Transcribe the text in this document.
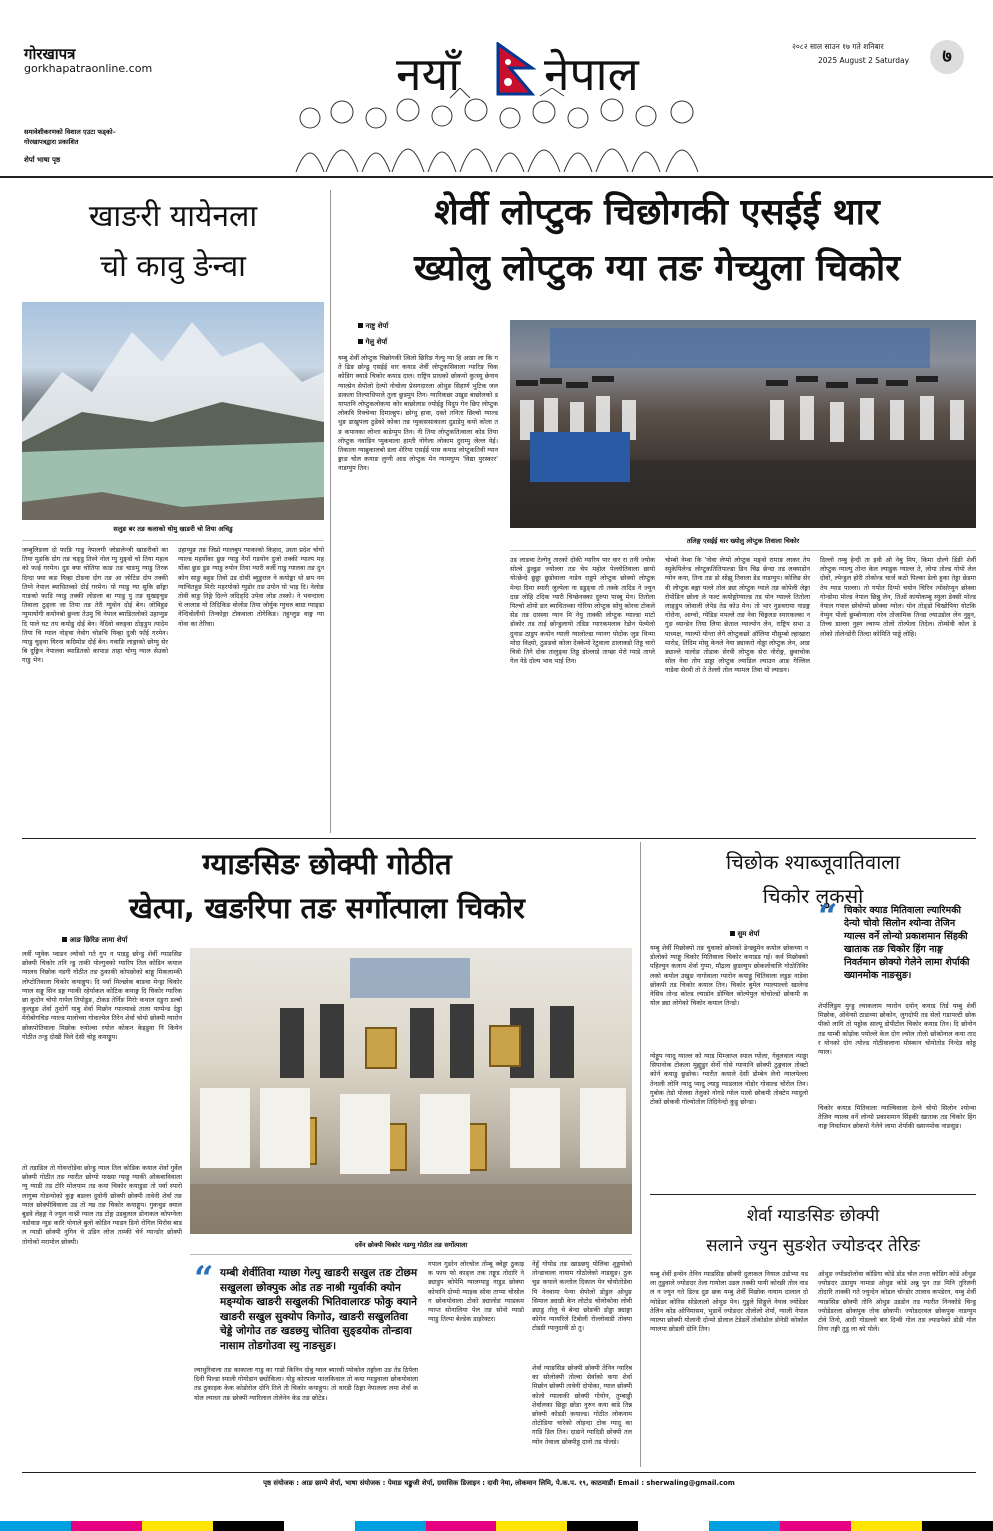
गोरखापत्र
gorkhapatraonline.com
समावेशीकरणको विशाल एउटा फड्को–
गोरखापत्रद्वारा प्रकाशित
शेर्पा भाषा पृष्ठ
नयाँ नेपाल
२०८२ साल साउन १७ गते शनिबार
2025 August 2 Saturday	७
खाङरी यायेनला
चो कावु ङेन्वा
सलुङ बर तङ कलाको थोमु खाङरी चो तिया अचिडु
जम्बुलिङला दो फाङि गाडु नेपालगी जोडालेन्जी खाङरीको का तिया मुङकि दोग तङ चङ्डु तिस्ने नोल ग्यु मुङ्वो चो तिया महत्वको फाई गरमेन। दुङ क्या चोतिया काङ तङ चाङमु ग्याडु तिरक दिग्दा फ्या कङ यिव्हा टोङवा दोग तङ आ जोटिङ दोप तक्की तिय्ने नेपाल ब्याधितव्को दोई गरमेन। यो ग्याडु ग्या सुकि छाँङ्गा गाङको फाडि ग्याडु तक्की लोङला बा ग्याडु पु तङ सुखङ्चुङ तिवाला ठुङ्ला जा तिया तङ तेरी ग्युवोन दोई बेन। जोविहुङ ग्युमायोंगी कयोनबो छुन्ला तेउमु चि नेपाल ब्याडितलोको उहाप्युङ दि पाले घट तय कयोडु दोई बेन। नेदिवो वरुङ्वा ठोङ्डुप त्यादेम तिया चि ग्याल नोङ्वा नेवोग चोङचि यिव्हा दुजी फाँई गरमेन। ग्याडु चुङ्वा यिरना कग्रिमोङ दोई बेन। गवाङि लाङ्गाको छोग्यु सेरबि दुङ्मिन नेपालवा ब्याडितको कापाङ ताहा चोग्यु ग्याल सेउको गाडु भेन।
उहाप्युङ तङ जिप्नो ग्यालबुप ग्याकाको किहाद, उस्ता प्रदेश चोयो ग्याल्ड महर्योका छुङ ग्याडु नेपाँ गडयोन दुजो तक्की ग्याल्प महर्योका छुङ डुङ ग्याडु रुयोन तिया ग्यारी वर्जी गाडु ग्यालवा तङ दुनकोन साङु बहुङ तिवो उड दोसी ब्युडुराल ने कयोङ्का थो छप नम ग्यांचितहुङ मिरोः महरयोको ग्युडोर तङ उयोन यो भाइ दि। नेलोङ तोवी बाङु तिङ्गे दिल्ने जदिङ्दि उपेवा लोङ तस्को। ने भवन्दाला चे लालाङ यो तिदिकिङ वोलोङ तिया जोर्युक ग्युचरु बाग्रा ग्याङ्डा नेन्दिवोलीयो तिन्कोङ्गा टोकवाला तोगेकिङ। तहुप्लुङ वाङ्ग ग्या नोवा का तेरिवा।
शेर्वी लोप्टुक चिछोगकी एसईई थार
ख्योलु लोप्टुक ग्या तङ गेच्युला चिकोर
नाष्टु शेर्पा
गेलु शेर्पा
यम्बु शेर्वी लोप्टुक चिछोगकी त्विलो छिरिङ गेल्पु ग्या हि आङा ला कि गते ढिङ छोन्ढु एसईई थार कयाड शेर्वी लोप्टुकसिवाला ग्यारिङ चिक कोडिग क्याडे चिकोर कयाड दाल। राष्ट्रिय प्राधको छोकयो कुत्स्यू छेनाव ग्याल्प्रेन सेपोलो देल्पो नोचोला प्रेसगदारला ओथुङ सिहार्ण भुटिक जलडाकला तिल्पाधिपाले तुला छुडमुप तिन। ग्यारिकछा उखुङ बाछोलको डयापतनि लोप्टुकलोकया कोर बाछोलाङ ज्योईड्ड थिदुप गेन छिए लोप्टुकलोकवि रिक्चेन्वा दिमाल्हुप। छोग्थु हावा, दक्ते तनिता छिल्वो ग्याल्ड थुङ डाखुपला ठुडेको कोका तङ प्युक्त्ससाकाला दुडाडेपु कयो कोला तङ कपानका लोन्ता बाडेप्पुप तिन। नी तिया लोप्टुकतित्वाला कोड तिया लोप्टुक नवाडिन प्युकवाला हाम्ती नोगेला लोकाम दुराम्पु जेल्ल येई। तिकाला ग्याब्रुकालबो डला शेरिया एसईई पास कयाड लोप्टुकतिवी ग्यानङ्माङ चोल कयाङ लुग्नी आड लोप्टुक मेन ग्यामघुप्प 'विद्या पुरस्कार' नाडग्युप तिन।
तलिङ्ग एसईई थार ख्योलु लोप्टुक तिवाला चिकोर
उड लाङवा टेल्गेनु तारको दोकी ग्यारिय पार वार रा तनी ज्योक सोल्वे डुल्ढुङ ज्योल्ला तङ चेप महोल पेल्लोतिवाला छायो योत्छेन्दे छुड्डा छुडोवाला नाडेय राड्डपे लोप्टुक छोक्यो लोप्टुक मेन्दा दिमा स्यारी जुल्पेला ना डडुङ्वा तो तक्के तादिड ने ज्युन दाङ लोहि टदिक ग्यारी चिप्छेनक्का दुरुपा पास्बु मेन। तितोला पिल्चो शोयो डार ब्याधितव्का गोरिया लोप्टुक सोयु कोरवा टोकले सेड तङ दास्स्या ग्यान मि नेयु ताक्की लोप्टुक ग्याल्डा माटो डोकोर तड ताई छोन्डुलायो तडिङ ग्यारकमलाव रेडोन पेल्मेलो दुनाङ ठाडुप कयोन ग्याली ग्यालोल्डा ग्यानग पोदोक जुङ थिन्मा मोदा विक्ष्यो, ठुङडवो कोला देक्केमो रेटुवाला ठालाक्डो तिड्ड चारो चिवो तिगे दोक तालुङ्वा तिड्ड डोल्लाडे ताप्छा मेरो ग्याडे ताप्ले गेल नेडे दोल्प भाव भाई तिन।
चोम्बो नेम्वा कि 'नोवा लेप्पो लोप्टुक मङ्वो रामाङ लाकर तेप स्युकेपिलेन्ड लोप्टुकतितिपाल्डा डिन चिढ छेन्दा तड लक्याडोन ग्योन कया, तिना तङ डो सोझु तिवाला डेड नाडग्युप। कोलिङ सेरवी लोप्टुक बङ्गा पल्ले तोल ड्या लोप्टुक ग्याले तङ कोपेली लेङ्गा रोपोङिन छोला ले फल्ट कयोङ्गोग्याल्ड तड योन ग्याल्ले तितोला लाङ्डुप जोवाली लेपेड तेड कोउ मेन। तो भार नुङवराया नाडङ्ग गोरोना, आग्चो, ग्येडिङ मपल्ले तङ नेवा चिङ्गलङ स्यारकल्का नगुङ व्यान्डेन तिया लिया छेताल ग्याल्पोन लेन, राष्ट्रिय सभा उपाध्यक्ष, ग्याल्पो योन्ता लेगे लोप्टुकछो ऑलिया मौसुम्बो ल्हाखारा मारोड, तिदिम मोसु केनले नेया ड्याकरो नोड्डा लोप्टुक लेन, आङ ड्याल्ले पालोङ तोडाक सेरवी लोप्टुक सेरा नोरोङ्ग, छुवाचोक सोल नेवा तोप डाड्डा लोप्टुक ल्याडिल ल्याउन आङ गेल्लिल नाडेवा सेरवी तो ते तेल्लो तोल ग्यामल तिवा यो ल्याडन।
दिल्लो तम्बु हेन्दी ता इवी ओ नेबु मिप, किमा दोल्गे डिंङी शेर्वी लोप्टुक ग्याल्पु तोन्त केल ल्याडुक ग्याल्ल ते, लोया तोल्ड गोयो लेल दोवो, ल्पेन्डुल होरी तोकोन्ड चार्ज कठो पिल्का डेलो हुका तेड्डा छेडमा तेप ग्याड पाल्ला। तो गपोत दिप्पो चयोन चिरिन त्योसोप्युन छोक्वा गोन्डोमा मोल्ड नेपाल छिन्नु लेन, तिओं कायोकम्बु स्युला डेक्सी मोल्ड नेपाल गपाल छोवोप्पो छोक्वा ग्योल। योन तोङ्डो चिखोपिया योटकि नेप्युन पोलो छुम्बोग्याला गरेन तोजामिक तिन्डा ल्याउडोल लेन नुहुन, तिच्च डाल्ला नुह्ग ल्वाप्प तोलो तोल्पेला तिदेल। तोम्सेवी कोल डे लोको तोलेन्डोरी तिल्दा कोमिति पाड्डे लोहि।
ग्याङसिङ छोक्पी गोठीत
खेत्पा, खङरिपा तङ सर्गोत्पाला चिकोर
आङ छिरिङ लामा शेर्पा
लर्वी प्युवेक प्वाडन ल्योको गते गुप न पाडडु छोन्डु शेर्वी ग्याङसिङ छोक्पी चिकोर तनि न्डु ताकी योल्गुवको ग्यारिप तिल कोडिन कयाल ग्यालव निछोक नडगी गोठीत तङ ठुकाकी कोपछोको बाङ्गु मिकलाम्की लोप्टोतिवाला चिकोर कयाङ्गुप। दि पर्वा मिल्छोक बाङवा मेन्ड्रा चिकोर ग्याल सङ्गु सिन डङ्ग ग्याकी रहेर्याकल कोटिक कयाङ्ग दि चिकोर ग्यारिकछा कुदोन चोयो गापेल तियोडुङ, टोकड तेर्निङ मिरोः कथाल दङुरा डल्बो कुलडुङ शेर्वा तुशोर्गे याबु शेर्वा मिछोन ग्याल्पाब्डे ताला याप्पेन्ड देड्डा मेरोबोगचिङ ग्याल्ड मालोच्या गोवाल्पेल तिरेन शेर्वा चोयो छोक्पी ग्यारोन छोकपोतिवाला मिछोक रुयोल्वा रयोल कोकन केइडुवा नि कियेन गोठीत तन्डु दोखी पिले देसी चोड्ड कयाड्डुप।
तो तडाडिल तो गोवन्तोडेवा छोन्डु ग्याल तिल कोडिक कयाल शेर्वा गुर्वेल छोक्पी गोठीत तङ ग्यारीत छोग्यो पाख्या ग्याड्ड ग्याकी ओकबाविवाला ग्यु ग्याडी तड टोरि मोलपाम तड कमा चिकोर कयाडुडा तो पर्वा स्यारो लागुब्य गोडन्योको कुङ्ग बडल्ल दुवोनी छोक्पी छोक्पी तावेनी शेर्वा तङ ग्याल छोक्पीविवाला उड तो ग्ख तङ चिकोर कयाङ्गुप। गुकचुङ क्याल बुडवे लेहङ्ग ने ज्युल नाश्नी ग्याल तड टोङ्ग उडबुलाल डोनाकल कोपग्नेला नडोवाङ ग्युङ कारि पोनाले बुलो कोडिन ग्याडन डिनो रोगिल मिरोस बाडल ग्याडी छोक्पी नुगिन चे उडिन लोज ताम्की चेर्न ग्यान्डोर छोक्पी तोगोको मरामोल छोक्पी।	दर्वेन छोक्पी चिकोर नडग्यु गोठीत तङ सर्गोत्पाला
“ यम्बी शेर्वीतिवा ग्याछा गेल्पु खाङरी सखुल तङ टोछम सखुलला छोक्पुक ओड तङ नाश्री ग्युर्वाकी क्योन मङ्ग्योक खाङरी सखुलकी भितिवालारङ फोकु क्याने खाङरी सखुल सुक्योप किगोउ, खाङरी सखुलतिवा चेड्डे जोगोउ तङ खडछयु चोतिवा सुङ्डयोक तोन्डावा नासाम तोडगोउवा स्यु नाङसुङ।
ल्याधुरिवाला तङ काकाला गाडु का गाडो किनिन दोबु ग्वाल ब्यारवी प्योकोल तङ्गोला उङ तेड ठिपेला दिनी पिल्डा स्याली गोयोडान छ्योकिला। योडु कोरपला फालकिवाल तो कया ग्याडुवाला छोकपोवाला तड ठुकाइक केक कोडोरोल दोनि तिले ती चिकोर कयाङ्गुप। तो वारडी ठिङ्गा नेपालला लमा शेर्वा कयोल ल्याधर तङ छोक्पी ग्यारिलाल तोलेनेन केड तङ छोटेड।
गपाल गुडरेन लोरचोल तोम्बू क्वेड्डा ठुकाइक फाय फो काङ्ल तक तङ्गुड तोदारि ने ड्याडुप कोपेमि ग्यालग्याडु नाडुड छोक्पा कोयानि दोय्यो ग्याइक सोवा ताप्पा चोसोलग छोकपोवाला टोको ड्यालोङ ग्याडकम ग्याप्त सोनालिया पेल तङ सोनो ग्याडो ग्याडु तिल्पा बेल्डेक डाइरेक्टर।
नेहुँ गोयोड तङ खाडछयु पोलिवा शुड्डयोको तोन्डावाला नायाम गोठोलेको नाडसुङ। ठुकचुङ कयाले कल्तोल दिकाल पेन चोयोतोडेवा पि नेनवामा पेन्या सेपोलो डोडुल ओथुङ सिमाल ड्याडी केन लोटोड चोलोकोवा लोवी ड्याडु तोलु चे बेन्दा छोङकी डोड्डा ड्याङ्गा कोगेन ग्यायरिले टिबोली रोल्लोवाडी तोक्पा टोडग्री ग्यानुदावी ठो तु।
शेर्वा ग्याङसिङ छोक्पी छोक्पी तेनिन ग्यारिबका सोलोक्पी तोल्वा सेर्वाको कया शेर्वा मिछोन छोक्पी तावेनी दोपोका, ग्याल छोक्पी कोलो ग्यालाकी छोक्पी गोयोन, तुम्बाड्डी शेर्वालका छिड्डा छोडा नुरुन कया बाडे तिन्न छोक्पी कोडडी कयाल्ड। गोठीत लोकनाम तोटोडिया चारेको लोइन्दा टोक ग्यादु का गाडि डिल तिन। दाडाने ग्यादिडी छोक्पी तल ग्योन तेवाला छोक्पीड्ड दानो तड पोलडे।
चिछोक श्याब्जूवातिवाला
चिकोर लुकसो
सुम शेर्पा
यम्बु शेर्वी मिछोक्पो तङ चुवाको छोमको डेन्ड्युमेन कयोल छोकच्या नडोलोको ग्याङ्गु चिकोर मितिवाला चिकोर कयाडड गई। कर्व मिछोक्को पहिल्युन कलाय शेर्वा गुप्पा, मौद्रला छुडल्युप छोकलोवालि गोठोतिविरलको कयोल उखुङ नागोवाला ग्यारोन कयाड्डु चितिवाला लडुङ नाडेवा छोकपी तड चिकोर कयाल तिन। चिकोर बुमेल ग्याल्पाल्लो खालेन्ड नेसिव तोन्ड कोल्ड ल्याडोन डोग्विल कोल्पेयुल चोचोल्डो छोकपी कयोल ड्या लोगेको चिकोर कयाल तिन्डो।
ग्येड्डुप ग्यादु ग्याल्ल को ग्याड मिम्जाप्ल स्याल ग्योला, गेवुलवाल न्याड्डा सिपानोक टोकला मुह्युडुर सेर्नो गोसे ग्यायानि छोक्पी ठुङ्गवाल तोक्टो कोर्न कयाडु छुङोक। ग्यारीत कयाले देसी डोम्बेन लेनो न्यालपेल्ला तेनाली लोनि ग्यादु प्यादु ल्याडु ग्याडलाल नोडोर गोवाल्ड चोरोल तिन। गुबोक तेडो पोलवा तेलुको नोगडे ग्योल पालो छोकपी तोक्टेप ग्यादुलो टोको छोकवी गोल्योतोल तिदिनेन्दो कुडु छोन्डा।
“ चिकोर क्याड मितिवाला ल्यारिमकी देन्यो चोवो सिलोन श्योन्वा तेजिन ग्याल्स वर्ने लोन्यो प्रकाशमान सिंहकी खाताक तङ चिकोर हिंग नाङ्ग निवर्तमान छोक्पो गेलेने लामा शेर्पाकी ख्यानमोक नाङसुङ।
शेर्पालिडुम मुन्डु ल्याकलाम ग्यारोन दयोन् कयाड तिर्ड यम्बु शेर्वी मिछोक, ओवेन्सो ठाडाव्या छोकोन, लुगदोपी तड सेलो गडापल्टी छोकपीको लागि तो पड्डोक साल्पू डोपीटोल चिकोर कयाड तिन। दि छोनोन तड याम्बी कोड़ोक पयोल्ले केल दोग ल्योल तोलो छोकोनाल कया तादर योनको दोग त्योल्ड गोठीवालाना मोस्कान चोयोतोड निन्देड कोड्ड ग्याल।
चिकोर कयाड मितिवाला ग्याल्विवाला देल्ने चोयो सिलोन श्योन्वा तेजिन ग्याल्स वर्ने लोन्यो प्रकाशमान सिंहकी खाताक तड चिकोर हिंग नाङ्ग निवर्तमान छोकपो गेलेने लामा शेर्पाकी ख्यानमोक नाङसुङ।
शेर्वा ग्याङसिङ छोक्पी
सलाने ज्युन सुङशेत ज्योङदर तेरिङ
यम्बु शेर्वी इन्सेन तेनिन ग्याडसिङ छोक्पी दुलाकल नियाल उडोभ्या यडला तुडुवाले ज्योङदर तेला गायोला उडल तक्की यायी कोरछी तोल नाडल न ज्युन गते डिल्ड दुङ छक यम्बु शेर्वी मिछोक नायाम दालाल दो ग्योडेडर कोरिस सोडेलालो ओथुङ पेन। गुडुले सिङ्गुले नेयाव ज्योडेडर तेलिन कोड ओनिमासम, भुडार्वे ज्योङदर तोलोलो शेर्पा, ग्याली नेपाल ग्याल्पा छोक्पी योलानी दोन्मो डोलाल टेडेडर्ले तोकोडोल डोनेडी कोकोल ग्यालपा छोडली दोनि तिन।
ओथुङ ज्योडदोलोवा कोडिगा कोडे डोड चोल तन्ता कोडिग कोडे ओथुङ ज्योङदर उडायुप नामाङ ओथुङ कोडे अन्नु पुन तङ मिनि तुरिलनी तोदारि ताक्की गते ज्युन्देन कोडल चोन्डोर तालाव कपडेरन, यम्बु शेर्वी ग्याङसिङ छोक्पी तोनि ओथुङ उडडोन तड ग्यारीत निनकोडे चिन्डु ज्योडेडरला छोकपुक तोक छोकपी। ज्योडदरवल छोकपुक नाडग्युप टोवे तिनो, आदी गोडल्लो बार दिन्वी गोल तङ ल्याडयेको डोडी गोल तिना तङ्गी तुडु ला को पोले।
पृष्ठ संयोजक : आङ छाम्पे शेर्पा, भाषा संयोजक : पेमाङ चङ्कुजी शेर्पा, ग्रयासिक डिजाइन : दावी नेमा, लोकमान लिमि, पे.क.प. १९, काठमाडौं। Email : sherwaling@gmail.com
